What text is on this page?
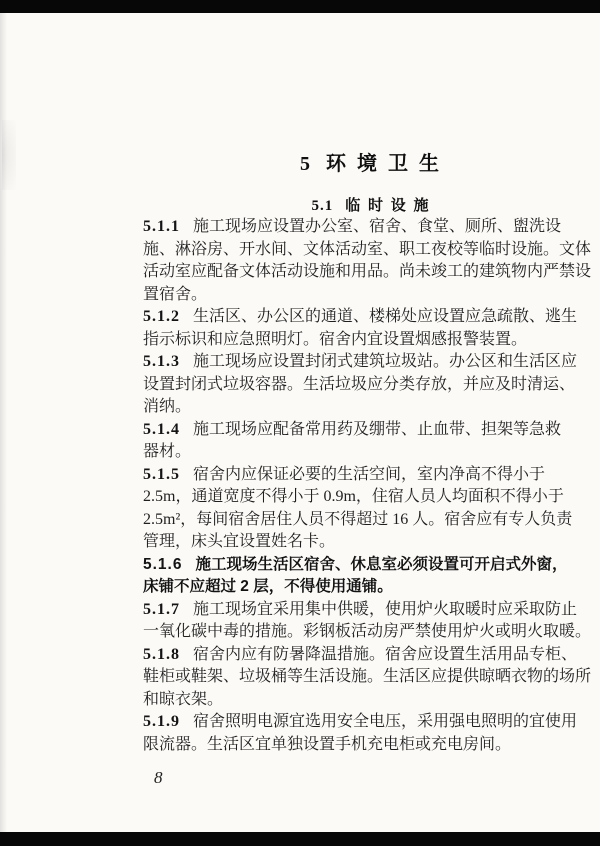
5 环 境 卫 生
5.1 临 时 设 施
5.1.1 施工现场应设置办公室、宿舍、食堂、厕所、盥洗设
施、淋浴房、开水间、文体活动室、职工夜校等临时设施。文体
活动室应配备文体活动设施和用品。尚未竣工的建筑物内严禁设
置宿舍。
5.1.2 生活区、办公区的通道、楼梯处应设置应急疏散、逃生
指示标识和应急照明灯。宿舍内宜设置烟感报警装置。
5.1.3 施工现场应设置封闭式建筑垃圾站。办公区和生活区应
设置封闭式垃圾容器。生活垃圾应分类存放，并应及时清运、
消纳。
5.1.4 施工现场应配备常用药及绷带、止血带、担架等急救
器材。
5.1.5 宿舍内应保证必要的生活空间，室内净高不得小于
2.5m，通道宽度不得小于 0.9m，住宿人员人均面积不得小于
2.5m²，每间宿舍居住人员不得超过 16 人。宿舍应有专人负责
管理，床头宜设置姓名卡。
5.1.6 施工现场生活区宿舍、休息室必须设置可开启式外窗，
床铺不应超过 2 层，不得使用通铺。
5.1.7 施工现场宜采用集中供暖，使用炉火取暖时应采取防止
一氧化碳中毒的措施。彩钢板活动房严禁使用炉火或明火取暖。
5.1.8 宿舍内应有防暑降温措施。宿舍应设置生活用品专柜、
鞋柜或鞋架、垃圾桶等生活设施。生活区应提供晾晒衣物的场所
和晾衣架。
5.1.9 宿舍照明电源宜选用安全电压，采用强电照明的宜使用
限流器。生活区宜单独设置手机充电柜或充电房间。
8
